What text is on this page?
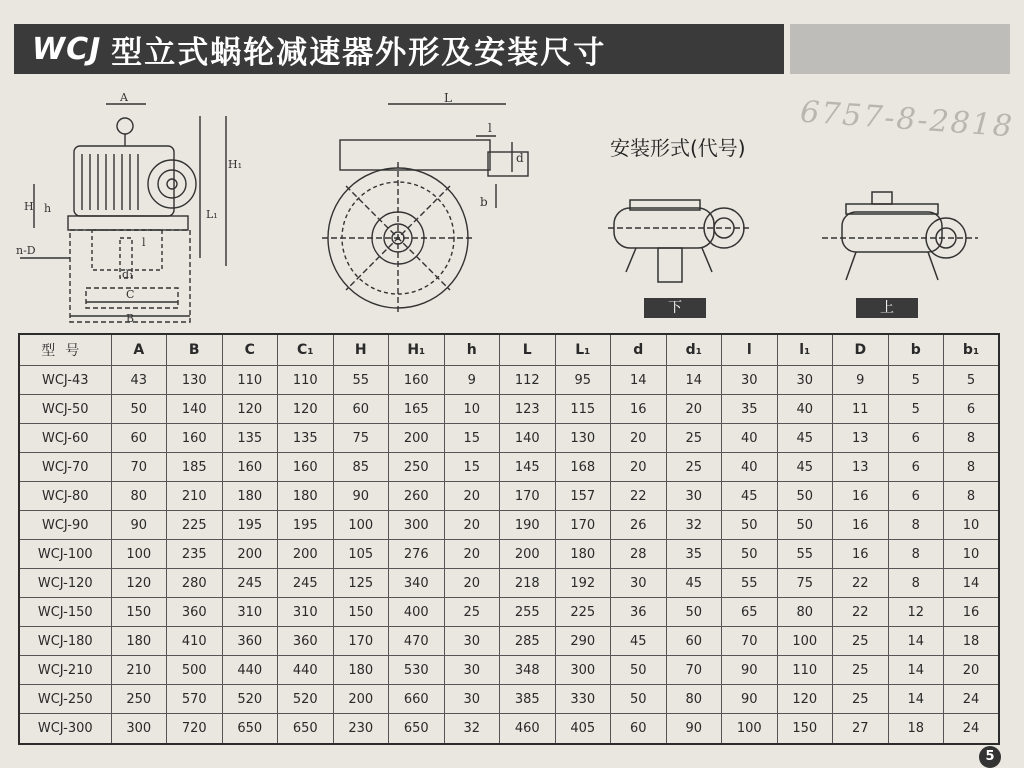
WCJ 型立式蜗轮减速器外形及安装尺寸
6757-8-2818
A
H
H₁
L₁
h
n-D
l
d₁
C
B
L
l
d
b
安装形式(代号)
下	上
型号	A	B	C	C₁	H	H₁	h	L	L₁	d	d₁	l	l₁	D	b	b₁
WCJ-43	43	130	110	110	55	160	9	112	95	14	14	30	30	9	5	5
WCJ-50	50	140	120	120	60	165	10	123	115	16	20	35	40	11	5	6
WCJ-60	60	160	135	135	75	200	15	140	130	20	25	40	45	13	6	8
WCJ-70	70	185	160	160	85	250	15	145	168	20	25	40	45	13	6	8
WCJ-80	80	210	180	180	90	260	20	170	157	22	30	45	50	16	6	8
WCJ-90	90	225	195	195	100	300	20	190	170	26	32	50	50	16	8	10
WCJ-100	100	235	200	200	105	276	20	200	180	28	35	50	55	16	8	10
WCJ-120	120	280	245	245	125	340	20	218	192	30	45	55	75	22	8	14
WCJ-150	150	360	310	310	150	400	25	255	225	36	50	65	80	22	12	16
WCJ-180	180	410	360	360	170	470	30	285	290	45	60	70	100	25	14	18
WCJ-210	210	500	440	440	180	530	30	348	300	50	70	90	110	25	14	20
WCJ-250	250	570	520	520	200	660	30	385	330	50	80	90	120	25	14	24
WCJ-300	300	720	650	650	230	650	32	460	405	60	90	100	150	27	18	24
5
